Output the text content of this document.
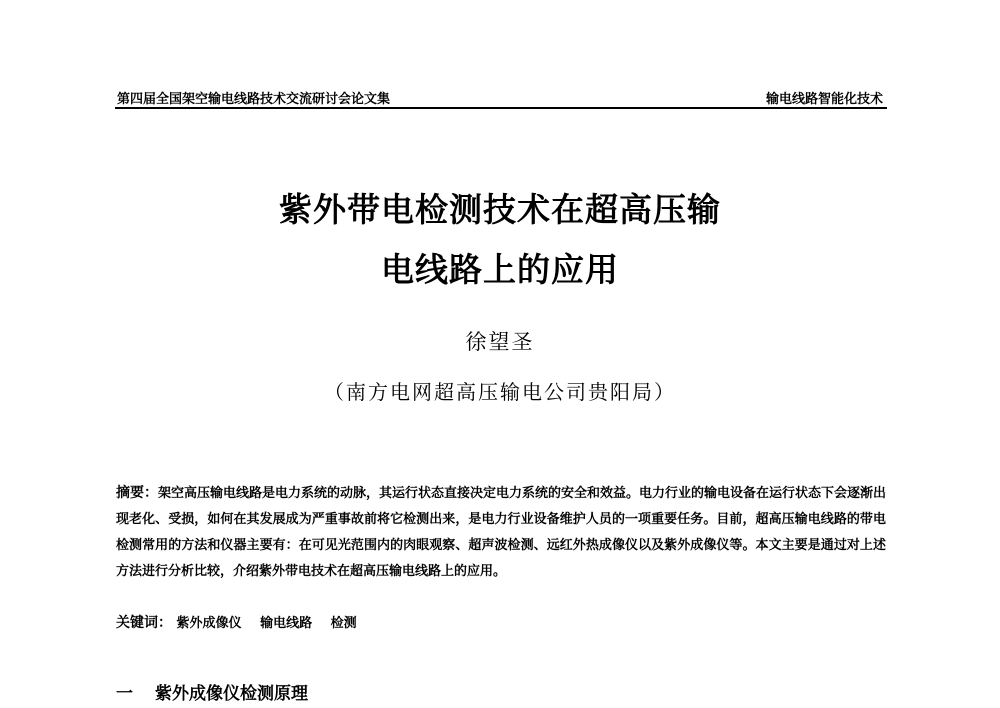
第四届全国架空输电线路技术交流研讨会论文集	输电线路智能化技术
紫外带电检测技术在超高压输
电线路上的应用
徐望圣
（南方电网超高压输电公司贵阳局）
摘要：架空高压输电线路是电力系统的动脉，其运行状态直接决定电力系统的安全和效益。电力行业的输电设备在运行状态下会逐渐出现老化、受损，如何在其发展成为严重事故前将它检测出来，是电力行业设备维护人员的一项重要任务。目前，超高压输电线路的带电检测常用的方法和仪器主要有：在可见光范围内的肉眼观察、超声波检测、远红外热成像仪以及紫外成像仪等。本文主要是通过对上述方法进行分析比较，介绍紫外带电技术在超高压输电线路上的应用。
关键词： 紫外成像仪 输电线路 检测
一 紫外成像仪检测原理
